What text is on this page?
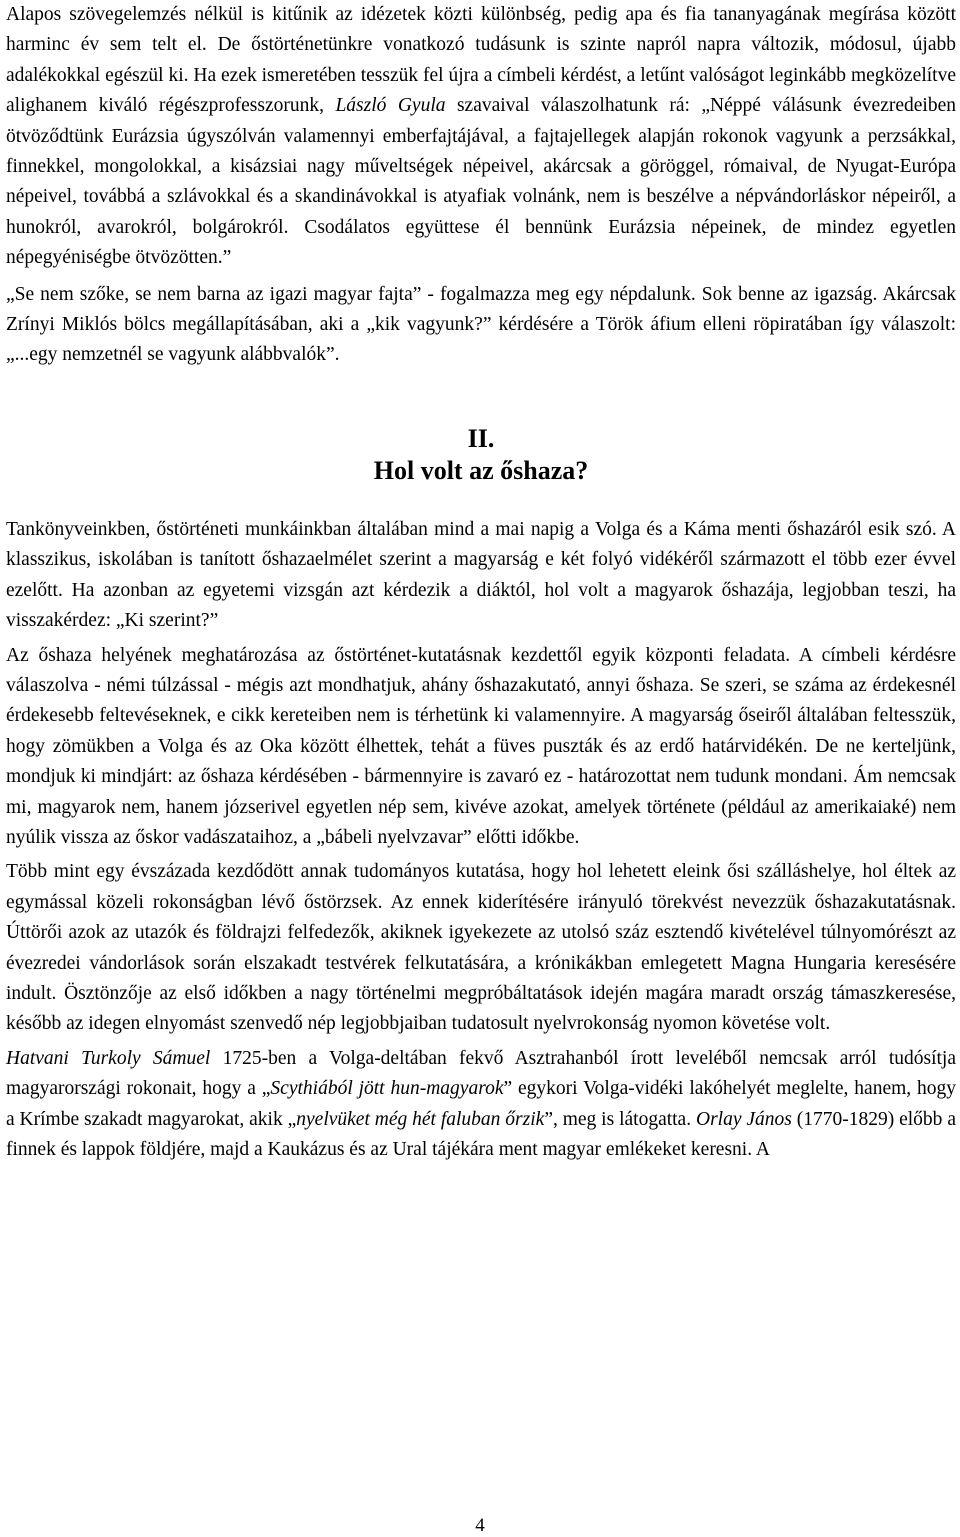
Alapos szövegelemzés nélkül is kitűnik az idézetek közti különbség, pedig apa és fia tananyagának megírása között harminc év sem telt el. De őstörténetünkre vonatkozó tudásunk is szinte napról napra változik, módosul, újabb adalékokkal egészül ki. Ha ezek ismeretében tesszük fel újra a címbeli kérdést, a letűnt valóságot leginkább megközelítve alighanem kiváló régészprofesszorunk, László Gyula szavaival válaszolhatunk rá: „Néppé válásunk évezredeiben ötvöződtünk Eurázsia úgyszólván valamennyi emberfajtájával, a fajtajellegek alapján rokonok vagyunk a perzsákkal, finnekkel, mongolokkal, a kisázsiai nagy műveltségek népeivel, akárcsak a göröggel, rómaival, de Nyugat-Európa népeivel, továbbá a szlávokkal és a skandinávokkal is atyafiak volnánk, nem is beszélve a népvándorláskor népeiről, a hunokról, avarokról, bolgárokról. Csodálatos együttese él bennünk Eurázsia népeinek, de mindez egyetlen népegyéniségbe ötvözötten.”

„Se nem szőke, se nem barna az igazi magyar fajta” - fogalmazza meg egy népdalunk. Sok benne az igazság. Akárcsak Zrínyi Miklós bölcs megállapításában, aki a „kik vagyunk?” kérdésére a Török áfium elleni röpiratában így válaszolt: „...egy nemzetnél se vagyunk alábbvalók”.

II.

Hol volt az őshaza?

Tankönyveinkben, őstörténeti munkáinkban általában mind a mai napig a Volga és a Káma menti őshazáról esik szó. A klasszikus, iskolában is tanított őshazaelmélet szerint a magyarság e két folyó vidékéről származott el több ezer évvel ezelőtt. Ha azonban az egyetemi vizsgán azt kérdezik a diáktól, hol volt a magyarok őshazája, legjobban teszi, ha visszakérdez: „Ki szerint?”

Az őshaza helyének meghatározása az őstörténet-kutatásnak kezdettől egyik központi feladata. A címbeli kérdésre válaszolva - némi túlzással - mégis azt mondhatjuk, ahány őshazakutató, annyi őshaza. Se szeri, se száma az érdekesnél érdekesebb feltevéseknek, e cikk kereteiben nem is térhetünk ki valamennyire. A magyarság őseiről általában feltesszük, hogy zömükben a Volga és az Oka között élhettek, tehát a füves puszták és az erdő határvidékén. De ne kerteljünk, mondjuk ki mindjárt: az őshaza kérdésében - bármennyire is zavaró ez - határozottat nem tudunk mondani. Ám nemcsak mi, magyarok nem, hanem józserivel egyetlen nép sem, kivéve azokat, amelyek története (például az amerikaiaké) nem nyúlik vissza az őskor vadászataihoz, a „bábeli nyelvzavar” előtti időkbe.

Több mint egy évszázada kezdődött annak tudományos kutatása, hogy hol lehetett eleink ősi szálláshelye, hol éltek az egymással közeli rokonságban lévő őstörzsek. Az ennek kiderítésére irányuló törekvést nevezzük őshazakutatásnak. Úttörői azok az utazók és földrajzi felfedezők, akiknek igyekezete az utolsó száz esztendő kivételével túlnyomórészt az évezredei vándorlások során elszakadt testvérek felkutatására, a krónikákban emlegetett Magna Hungaria keresésére indult. Ösztönzője az első időkben a nagy történelmi megpróbáltatások idején magára maradt ország támaszkeresése, később az idegen elnyomást szenvedő nép legjobbjaiban tudatosult nyelvrokonság nyomon követése volt.

Hatvani Turkoly Sámuel 1725-ben a Volga-deltában fekvő Asztrahanból írott leveléből nemcsak arról tudósítja magyarországi rokonait, hogy a „Scythiából jött hun-magyarok” egykori Volga-vidéki lakóhelyét meglelte, hanem, hogy a Krímbe szakadt magyarokat, akik „nyelvüket még hét faluban őrzik”, meg is látogatta. Orlay János (1770-1829) előbb a finnek és lappok földjére, majd a Kaukázus és az Ural tájékára ment magyar emlékeket keresni. A

4
